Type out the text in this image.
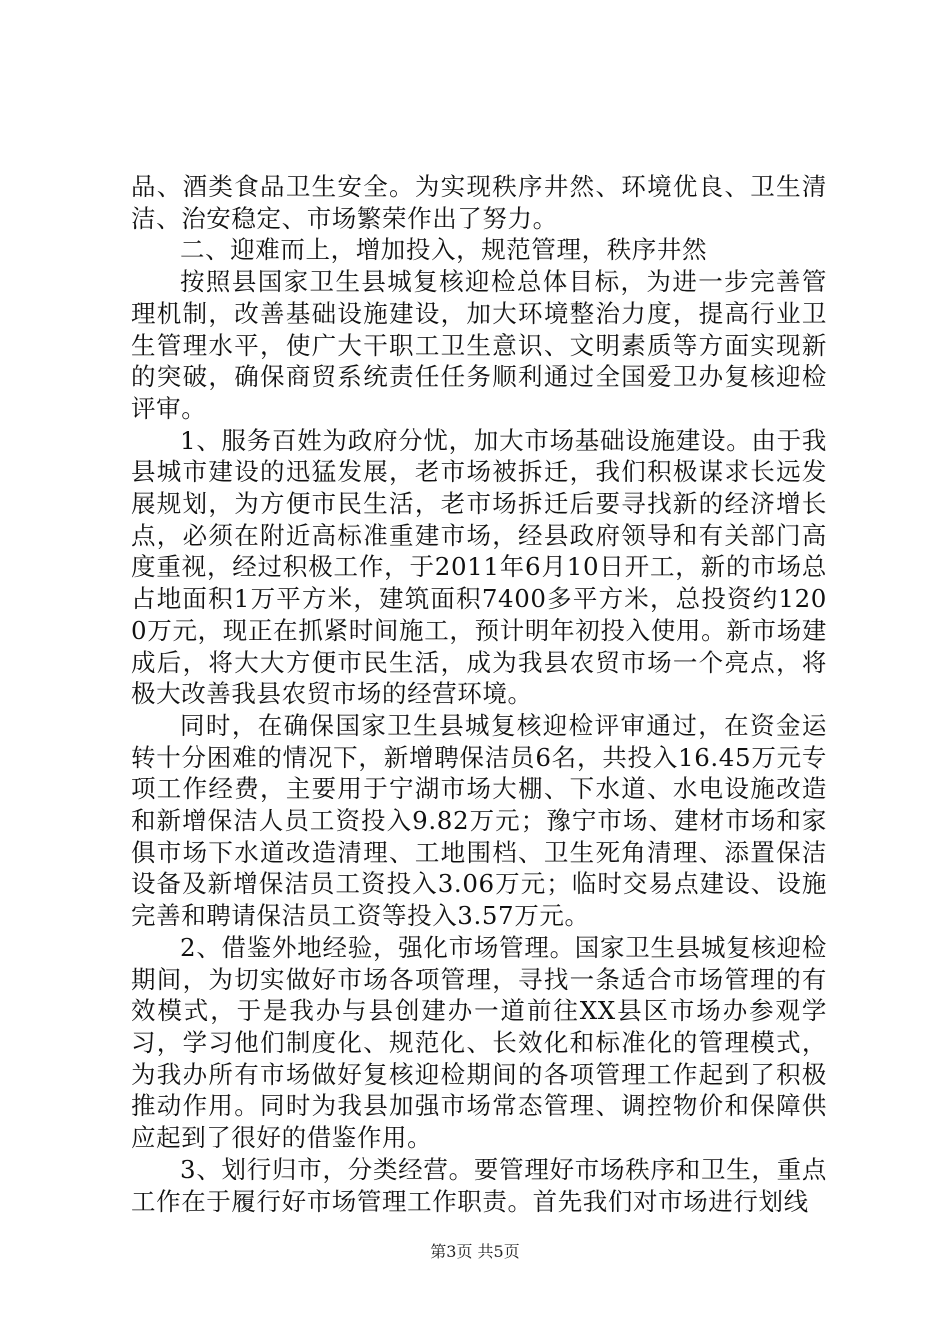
品、酒类食品卫生安全。为实现秩序井然、环境优良、卫生清洁、治安稳定、市场繁荣作出了努力。

二、迎难而上，增加投入，规范管理，秩序井然

按照县国家卫生县城复核迎检总体目标，为进一步完善管理机制，改善基础设施建设，加大环境整治力度，提高行业卫生管理水平，使广大干职工卫生意识、文明素质等方面实现新的突破，确保商贸系统责任任务顺利通过全国爱卫办复核迎检评审。

1、服务百姓为政府分忧，加大市场基础设施建设。由于我县城市建设的迅猛发展，老市场被拆迁，我们积极谋求长远发展规划，为方便市民生活，老市场拆迁后要寻找新的经济增长点，必须在附近高标准重建市场，经县政府领导和有关部门高度重视，经过积极工作，于2011年6月10日开工，新的市场总占地面积1万平方米，建筑面积7400多平方米，总投资约1200万元，现正在抓紧时间施工，预计明年初投入使用。新市场建成后，将大大方便市民生活，成为我县农贸市场一个亮点，将极大改善我县农贸市场的经营环境。

同时，在确保国家卫生县城复核迎检评审通过，在资金运转十分困难的情况下，新增聘保洁员6名，共投入16.45万元专项工作经费，主要用于宁湖市场大棚、下水道、水电设施改造和新增保洁人员工资投入9.82万元；豫宁市场、建材市场和家俱市场下水道改造清理、工地围档、卫生死角清理、添置保洁设备及新增保洁员工资投入3.06万元；临时交易点建设、设施完善和聘请保洁员工资等投入3.57万元。

2、借鉴外地经验，强化市场管理。国家卫生县城复核迎检期间，为切实做好市场各项管理，寻找一条适合市场管理的有效模式，于是我办与县创建办一道前往XX县区市场办参观学习，学习他们制度化、规范化、长效化和标准化的管理模式，为我办所有市场做好复核迎检期间的各项管理工作起到了积极推动作用。同时为我县加强市场常态管理、调控物价和保障供应起到了很好的借鉴作用。

3、划行归市，分类经营。要管理好市场秩序和卫生，重点工作在于履行好市场管理工作职责。首先我们对市场进行划线

第3页 共5页
